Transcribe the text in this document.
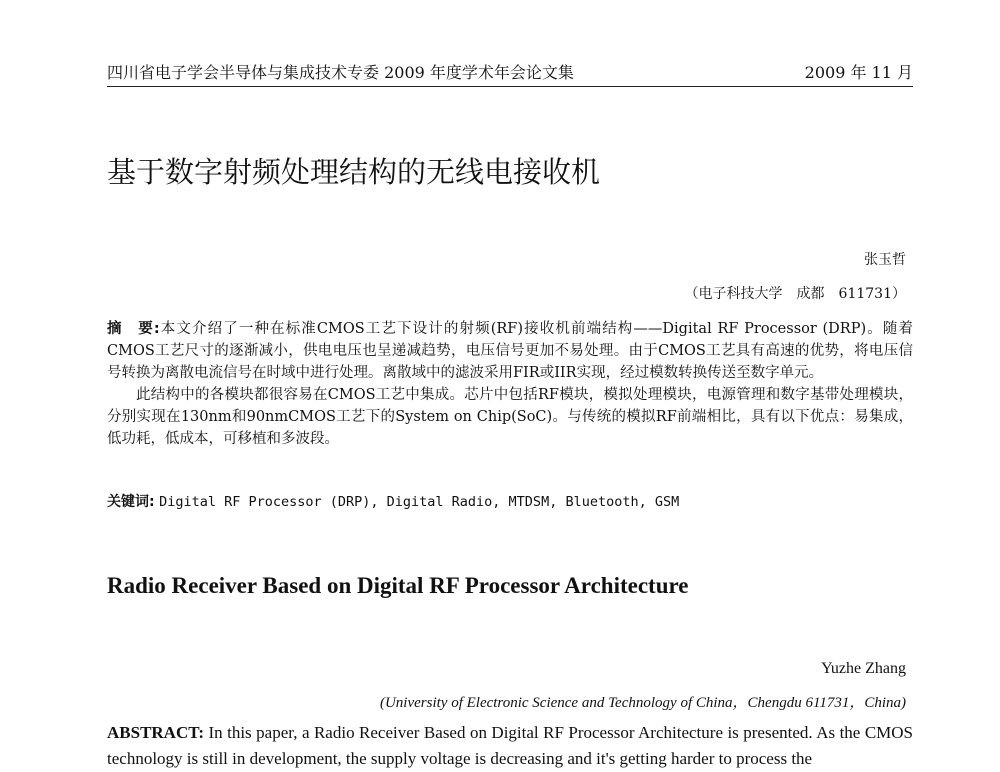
四川省电子学会半导体与集成技术专委 2009 年度学术年会论文集	2009 年 11 月
基于数字射频处理结构的无线电接收机
张玉哲
（电子科技大学　成都　611731）

摘　要:本文介绍了一种在标准CMOS工艺下设计的射频(RF)接收机前端结构——Digital RF Processor (DRP)。随着CMOS工艺尺寸的逐渐减小，供电电压也呈递减趋势，电压信号更加不易处理。由于CMOS工艺具有高速的优势，将电压信号转换为离散电流信号在时域中进行处理。离散域中的滤波采用FIR或IIR实现，经过模数转换传送至数字单元。

此结构中的各模块都很容易在CMOS工艺中集成。芯片中包括RF模块，模拟处理模块，电源管理和数字基带处理模块，分别实现在130nm和90nmCMOS工艺下的System on Chip(SoC)。与传统的模拟RF前端相比，具有以下优点：易集成，低功耗，低成本，可移植和多波段。

关键词: Digital RF Processor (DRP), Digital Radio, MTDSM, Bluetooth, GSM
Radio Receiver Based on Digital RF Processor Architecture
Yuzhe Zhang
(University of Electronic Science and Technology of China，Chengdu 611731，China)
ABSTRACT: In this paper, a Radio Receiver Based on Digital RF Processor Architecture is presented. As the CMOS technology is still in development, the supply voltage is decreasing and it's getting harder to process the
